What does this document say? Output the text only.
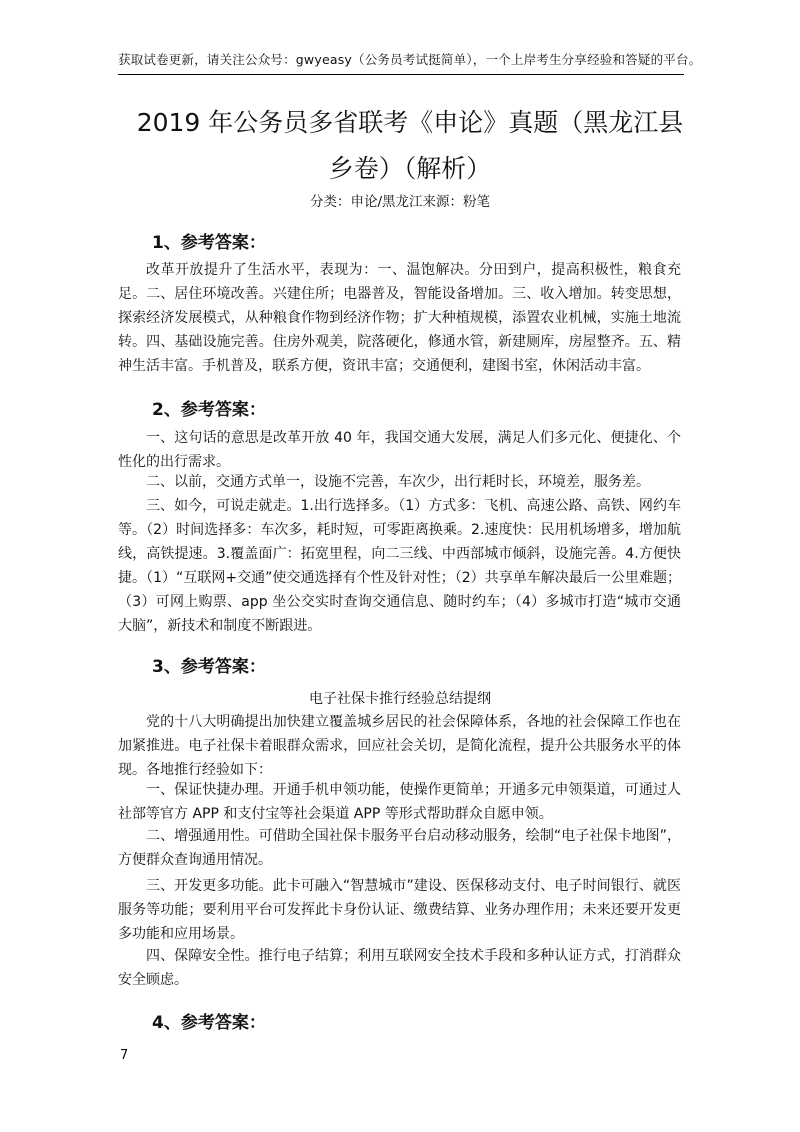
获取试卷更新，请关注公众号：gwyeasy（公务员考试挺简单），一个上岸考生分享经验和答疑的平台。
2019 年公务员多省联考《申论》真题（黑龙江县
乡卷）（解析）
分类：申论/黑龙江来源：粉笔
1、参考答案：

改革开放提升了生活水平，表现为：一、温饱解决。分田到户，提高积极性，粮食充足。二、居住环境改善。兴建住所；电器普及，智能设备增加。三、收入增加。转变思想，探索经济发展模式，从种粮食作物到经济作物；扩大种植规模，添置农业机械，实施土地流转。四、基础设施完善。住房外观美，院落硬化，修通水管，新建厕库，房屋整齐。五、精神生活丰富。手机普及，联系方便，资讯丰富；交通便利，建图书室，休闲活动丰富。

2、参考答案：

一、这句话的意思是改革开放 40 年，我国交通大发展，满足人们多元化、便捷化、个性化的出行需求。

二、以前，交通方式单一，设施不完善，车次少，出行耗时长，环境差，服务差。

三、如今，可说走就走。1.出行选择多。（1）方式多：飞机、高速公路、高铁、网约车等。（2）时间选择多：车次多，耗时短，可零距离换乘。2.速度快：民用机场增多，增加航线，高铁提速。3.覆盖面广：拓宽里程，向二三线、中西部城市倾斜，设施完善。4.方便快捷。（1）“互联网+交通”使交通选择有个性及针对性；（2）共享单车解决最后一公里难题；（3）可网上购票、app 坐公交实时查询交通信息、随时约车；（4）多城市打造“城市交通大脑”，新技术和制度不断跟进。

3、参考答案：
电子社保卡推行经验总结提纲

党的十八大明确提出加快建立覆盖城乡居民的社会保障体系，各地的社会保障工作也在加紧推进。电子社保卡着眼群众需求，回应社会关切，是简化流程，提升公共服务水平的体现。各地推行经验如下：

一、保证快捷办理。开通手机申领功能，使操作更简单；开通多元申领渠道，可通过人社部等官方 APP 和支付宝等社会渠道 APP 等形式帮助群众自愿申领。

二、增强通用性。可借助全国社保卡服务平台启动移动服务，绘制“电子社保卡地图”，方便群众查询通用情况。

三、开发更多功能。此卡可融入“智慧城市”建设、医保移动支付、电子时间银行、就医服务等功能；要利用平台可发挥此卡身份认证、缴费结算、业务办理作用；未来还要开发更多功能和应用场景。

四、保障安全性。推行电子结算；利用互联网安全技术手段和多种认证方式，打消群众安全顾虑。

4、参考答案：
7
